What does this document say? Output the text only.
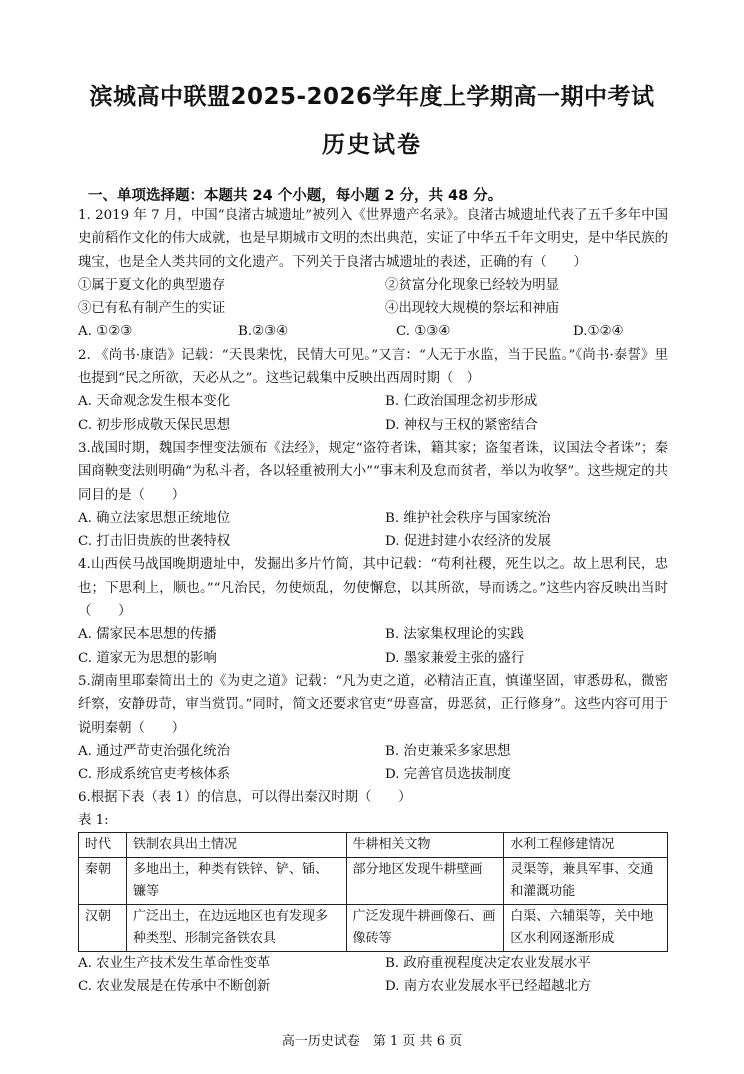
滨城高中联盟2025-2026学年度上学期高一期中考试
历史试卷
一、单项选择题：本题共 24 个小题，每小题 2 分，共 48 分。

1. 2019 年 7 月，中国“良渚古城遗址”被列入《世界遗产名录》。良渚古城遗址代表了五千多年中国史前稻作文化的伟大成就，也是早期城市文明的杰出典范，实证了中华五千年文明史，是中华民族的瑰宝，也是全人类共同的文化遗产。下列关于良渚古城遗址的表述，正确的有（　　）

①属于夏文化的典型遗存	②贫富分化现象已经较为明显
③已有私有制产生的实证	④出现较大规模的祭坛和神庙
A. ①②③	B.②③④	C. ①③④	D.①②④

2. 《尚书·康诰》记载：“天畏棐忱，民情大可见。”又言：“人无于水监，当于民监。”《尚书·泰誓》里也提到“民之所欲，天必从之”。这些记载集中反映出西周时期（　）

A. 天命观念发生根本变化	B. 仁政治国理念初步形成
C. 初步形成敬天保民思想	D. 神权与王权的紧密结合

3.战国时期，魏国李悝变法颁布《法经》，规定“盗符者诛，籍其家；盗玺者诛，议国法令者诛”；秦国商鞅变法则明确“为私斗者，各以轻重被刑大小”“事末利及怠而贫者，举以为收孥”。这些规定的共同目的是（　　）

A. 确立法家思想正统地位	B. 维护社会秩序与国家统治
C. 打击旧贵族的世袭特权	D. 促进封建小农经济的发展

4.山西侯马战国晚期遗址中，发掘出多片竹简，其中记载：“苟利社稷，死生以之。故上思利民，忠也；下思利上，顺也。”“凡治民，勿使烦乱，勿使懈怠，以其所欲，导而诱之。”这些内容反映出当时（　　）

A. 儒家民本思想的传播	B. 法家集权理论的实践
C. 道家无为思想的影响	D. 墨家兼爱主张的盛行

5.湖南里耶秦简出土的《为吏之道》记载：“凡为吏之道，必精洁正直，慎谨坚固，审悉毋私，微密纤察，安静毋苛，审当赏罚。”同时，简文还要求官吏“毋喜富，毋恶贫，正行修身”。这些内容可用于说明秦朝（　　）

A. 通过严苛吏治强化统治	B. 治吏兼采多家思想
C. 形成系统官吏考核体系	D. 完善官员选拔制度

6.根据下表（表 1）的信息，可以得出秦汉时期（　　）

表 1:
时代	铁制农具出土情况	牛耕相关文物	水利工程修建情况
秦朝	多地出土，种类有铁锌、铲、锸、镰等	部分地区发现牛耕壁画	灵渠等，兼具军事、交通和灌溉功能
汉朝	广泛出土，在边远地区也有发现多种类型、形制完备铁农具	广泛发现牛耕画像石、画像砖等	白渠、六辅渠等，关中地区水利网逐渐形成
A. 农业生产技术发生革命性变革	B. 政府重视程度决定农业发展水平
C. 农业发展是在传承中不断创新	D. 南方农业发展水平已经超越北方
高一历史试卷　第 1 页 共 6 页
